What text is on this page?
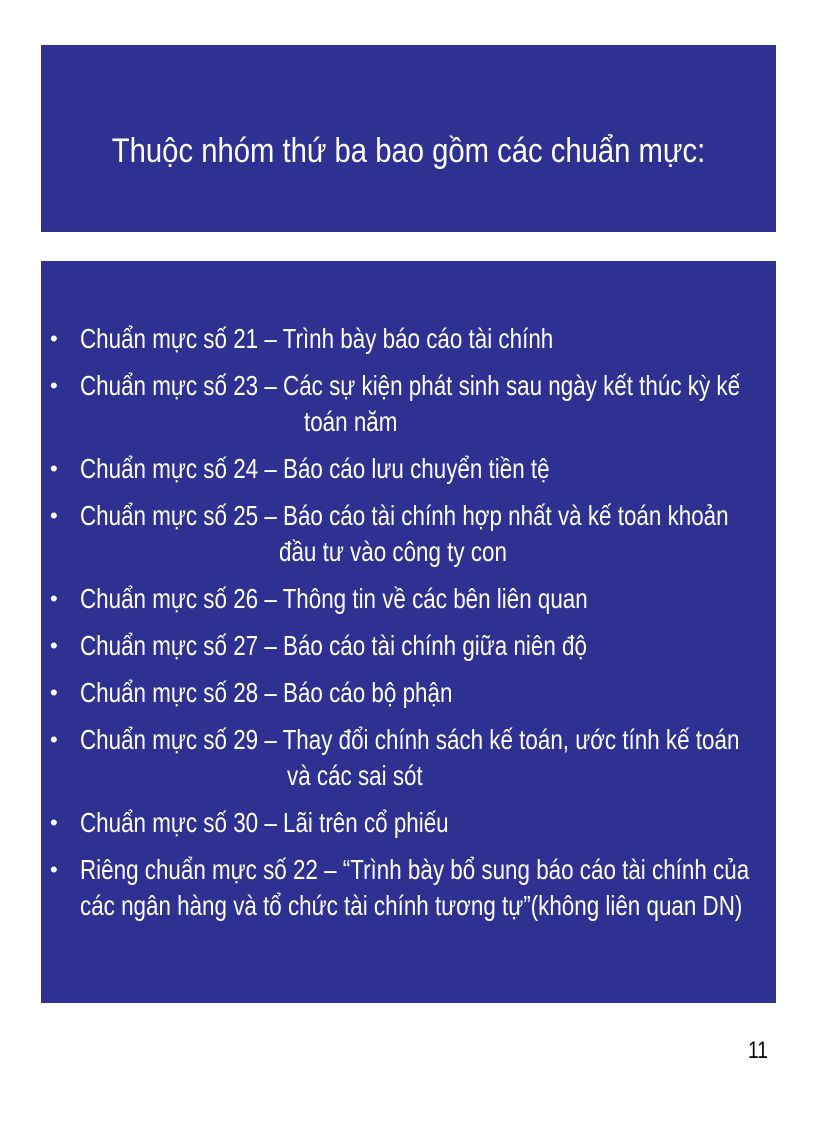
Thuộc nhóm thứ ba bao gồm các chuẩn mực:
• Chuẩn mực số 21 – Trình bày báo cáo tài chính
• Chuẩn mực số 23 – Các sự kiện phát sinh sau ngày kết thúc kỳ kế
toán năm
• Chuẩn mực số 24 – Báo cáo lưu chuyển tiền tệ
• Chuẩn mực số 25 – Báo cáo tài chính hợp nhất và kế toán khoản
đầu tư vào công ty con
• Chuẩn mực số 26 – Thông tin về các bên liên quan
• Chuẩn mực số 27 – Báo cáo tài chính giữa niên độ
• Chuẩn mực số 28 – Báo cáo bộ phận
• Chuẩn mực số 29 – Thay đổi chính sách kế toán, ước tính kế toán
và các sai sót
• Chuẩn mực số 30 – Lãi trên cổ phiếu
• Riêng chuẩn mực số 22 – “Trình bày bổ sung báo cáo tài chính của
các ngân hàng và tổ chức tài chính tương tự”(không liên quan DN)
11
